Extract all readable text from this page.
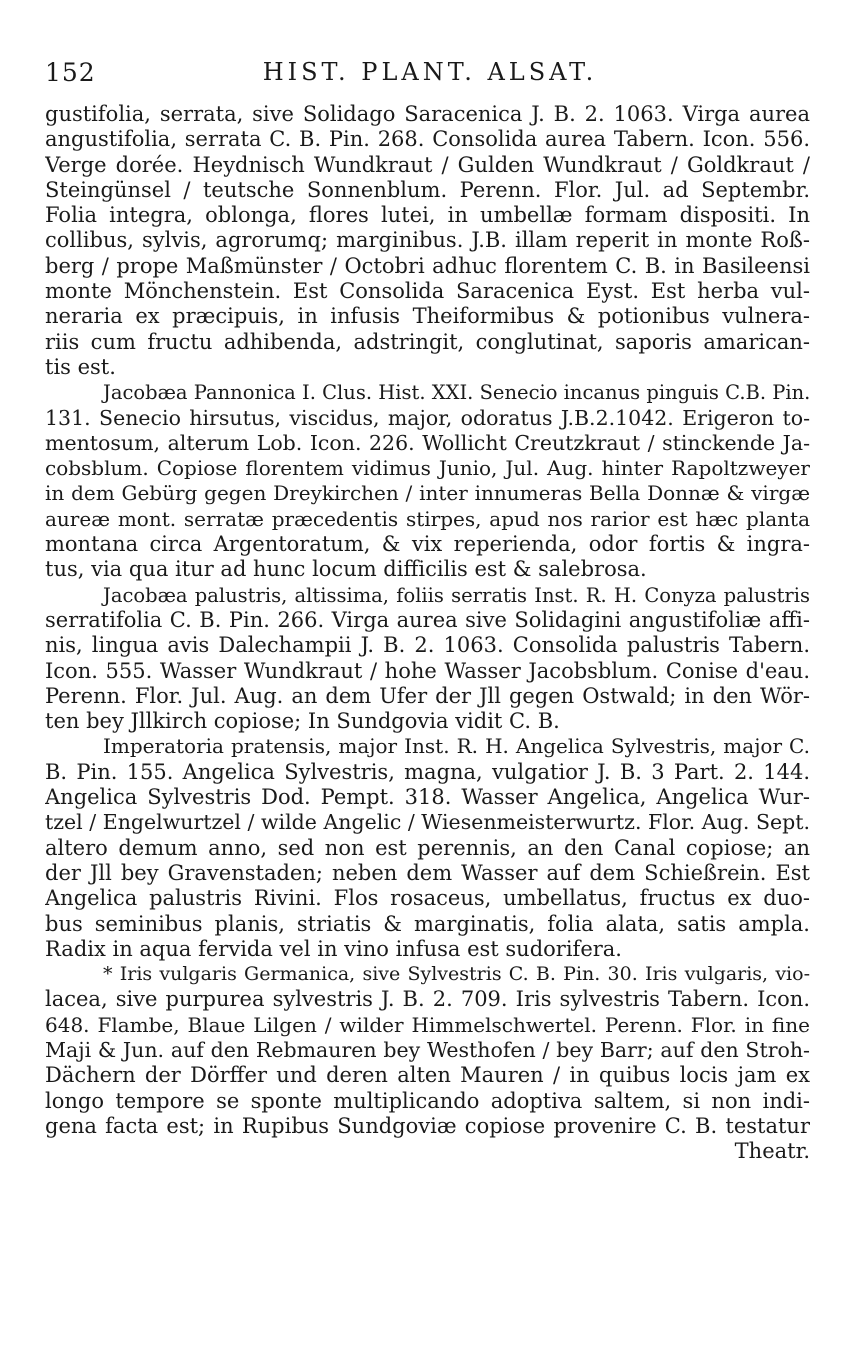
152	HIST. PLANT. ALSAT.
gustifolia, serrata, sive Solidago Saracenica J. B. 2. 1063. Virga aurea
angustifolia, serrata C. B. Pin. 268. Consolida aurea Tabern. Icon. 556.
Verge dorée. Heydnisch Wundkraut / Gulden Wundkraut / Goldkraut /
Steingünsel / teutsche Sonnenblum. Perenn. Flor. Jul. ad Septembr.
Folia integra, oblonga, flores lutei, in umbellæ formam dispositi. In
collibus, sylvis, agrorumq; marginibus. J.B. illam reperit in monte Roß-
berg / prope Maßmünster / Octobri adhuc florentem C. B. in Basileensi
monte Mönchenstein. Est Consolida Saracenica Eyst. Est herba vul-
neraria ex præcipuis, in infusis Theiformibus & potionibus vulnera-
riis cum fructu adhibenda, adstringit, conglutinat, saporis amarican-
tis est.
Jacobæa Pannonica I. Clus. Hist. XXI. Senecio incanus pinguis C.B. Pin.
131. Senecio hirsutus, viscidus, major, odoratus J.B.2.1042. Erigeron to-
mentosum, alterum Lob. Icon. 226. Wollicht Creutzkraut / stinckende Ja-
cobsblum. Copiose florentem vidimus Junio, Jul. Aug. hinter Rapoltzweyer
in dem Gebürg gegen Dreykirchen / inter innumeras Bella Donnæ & virgæ
aureæ mont. serratæ præcedentis stirpes, apud nos rarior est hæc planta
montana circa Argentoratum, & vix reperienda, odor fortis & ingra-
tus, via qua itur ad hunc locum difficilis est & salebrosa.
Jacobæa palustris, altissima, foliis serratis Inst. R. H. Conyza palustris
serratifolia C. B. Pin. 266. Virga aurea sive Solidagini angustifoliæ affi-
nis, lingua avis Dalechampii J. B. 2. 1063. Consolida palustris Tabern.
Icon. 555. Wasser Wundkraut / hohe Wasser Jacobsblum. Conise d'eau.
Perenn. Flor. Jul. Aug. an dem Ufer der Jll gegen Ostwald; in den Wör-
ten bey Jllkirch copiose; In Sundgovia vidit C. B.
Imperatoria pratensis, major Inst. R. H. Angelica Sylvestris, major C.
B. Pin. 155. Angelica Sylvestris, magna, vulgatior J. B. 3 Part. 2. 144.
Angelica Sylvestris Dod. Pempt. 318. Wasser Angelica, Angelica Wur-
tzel / Engelwurtzel / wilde Angelic / Wiesenmeisterwurtz. Flor. Aug. Sept.
altero demum anno, sed non est perennis, an den Canal copiose; an
der Jll bey Gravenstaden; neben dem Wasser auf dem Schießrein. Est
Angelica palustris Rivini. Flos rosaceus, umbellatus, fructus ex duo-
bus seminibus planis, striatis & marginatis, folia alata, satis ampla.
Radix in aqua fervida vel in vino infusa est sudorifera.
* Iris vulgaris Germanica, sive Sylvestris C. B. Pin. 30. Iris vulgaris, vio-
lacea, sive purpurea sylvestris J. B. 2. 709. Iris sylvestris Tabern. Icon.
648. Flambe, Blaue Lilgen / wilder Himmelschwertel. Perenn. Flor. in fine
Maji & Jun. auf den Rebmauren bey Westhofen / bey Barr; auf den Stroh-
Dächern der Dörffer und deren alten Mauren / in quibus locis jam ex
longo tempore se sponte multiplicando adoptiva saltem, si non indi-
gena facta est; in Rupibus Sundgoviæ copiose provenire C. B. testatur
Theatr.
